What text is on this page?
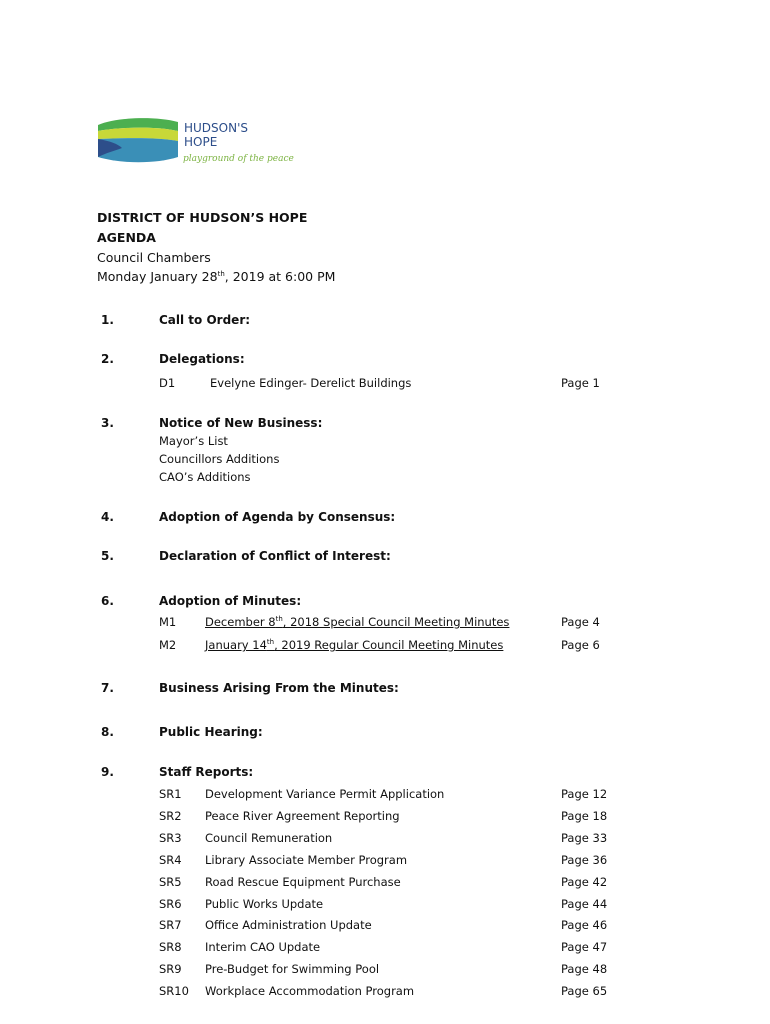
HUDSON'S
HOPE
playground of the peace
DISTRICT OF HUDSON’S HOPE
AGENDA
Council Chambers
Monday January 28th, 2019 at 6:00 PM
1.	Call to Order:
2.	Delegations:
D1	Evelyne Edinger- Derelict Buildings	Page 1
3.	Notice of New Business:
Mayor’s List
Councillors Additions
CAO’s Additions
4.	Adoption of Agenda by Consensus:
5.	Declaration of Conflict of Interest:
6.	Adoption of Minutes:
M1	December 8th, 2018 Special Council Meeting Minutes	Page 4
M2	January 14th, 2019 Regular Council Meeting Minutes	Page 6
7.	Business Arising From the Minutes:
8.	Public Hearing:
9.	Staff Reports:
SR1 Development Variance Permit Application	Page 12
SR2 Peace River Agreement Reporting	Page 18
SR3 Council Remuneration	Page 33
SR4 Library Associate Member Program	Page 36
SR5 Road Rescue Equipment Purchase	Page 42
SR6 Public Works Update	Page 44
SR7 Office Administration Update	Page 46
SR8 Interim CAO Update	Page 47
SR9 Pre-Budget for Swimming Pool	Page 48
SR10 Workplace Accommodation Program	Page 65
